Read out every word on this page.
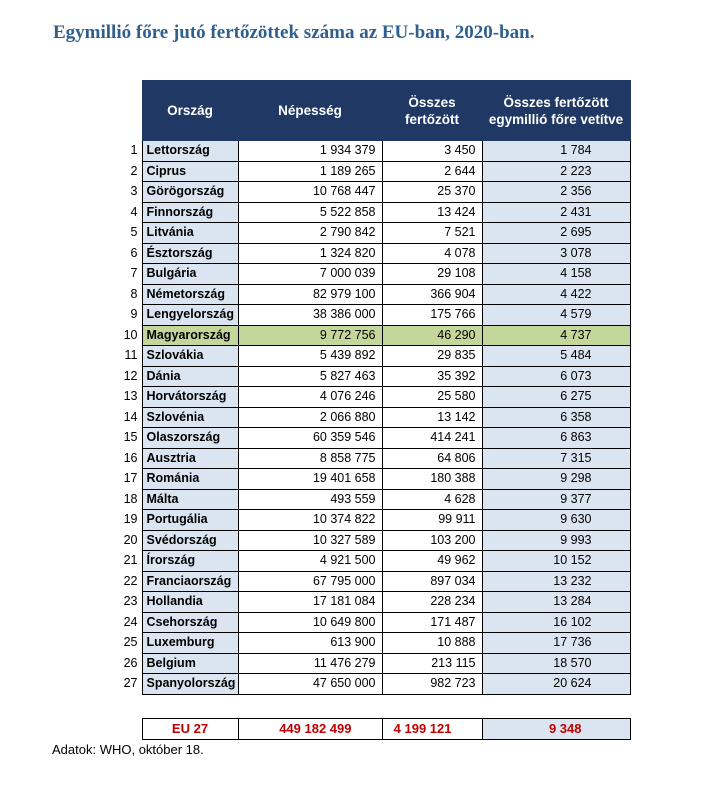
Egymillió főre jutó fertőzöttek száma az EU-ban, 2020-ban.
	Ország	Népesség	Összes fertőzött	Összes fertőzött egymillió főre vetítve
1	Lettország	1 934 379	3 450	1 784
2	Ciprus	1 189 265	2 644	2 223
3	Görögország	10 768 447	25 370	2 356
4	Finnország	5 522 858	13 424	2 431
5	Litvánia	2 790 842	7 521	2 695
6	Észtország	1 324 820	4 078	3 078
7	Bulgária	7 000 039	29 108	4 158
8	Németország	82 979 100	366 904	4 422
9	Lengyelország	38 386 000	175 766	4 579
10	Magyarország	9 772 756	46 290	4 737
11	Szlovákia	5 439 892	29 835	5 484
12	Dánia	5 827 463	35 392	6 073
13	Horvátország	4 076 246	25 580	6 275
14	Szlovénia	2 066 880	13 142	6 358
15	Olaszország	60 359 546	414 241	6 863
16	Ausztria	8 858 775	64 806	7 315
17	Románia	19 401 658	180 388	9 298
18	Málta	493 559	4 628	9 377
19	Portugália	10 374 822	99 911	9 630
20	Svédország	10 327 589	103 200	9 993
21	Írország	4 921 500	49 962	10 152
22	Franciaország	67 795 000	897 034	13 232
23	Hollandia	17 181 084	228 234	13 284
24	Csehország	10 649 800	171 487	16 102
25	Luxemburg	613 900	10 888	17 736
26	Belgium	11 476 279	213 115	18 570
27	Spanyolország	47 650 000	982 723	20 624
	EU 27	449 182 499	4 199 121	9 348

Adatok: WHO, október 18.
